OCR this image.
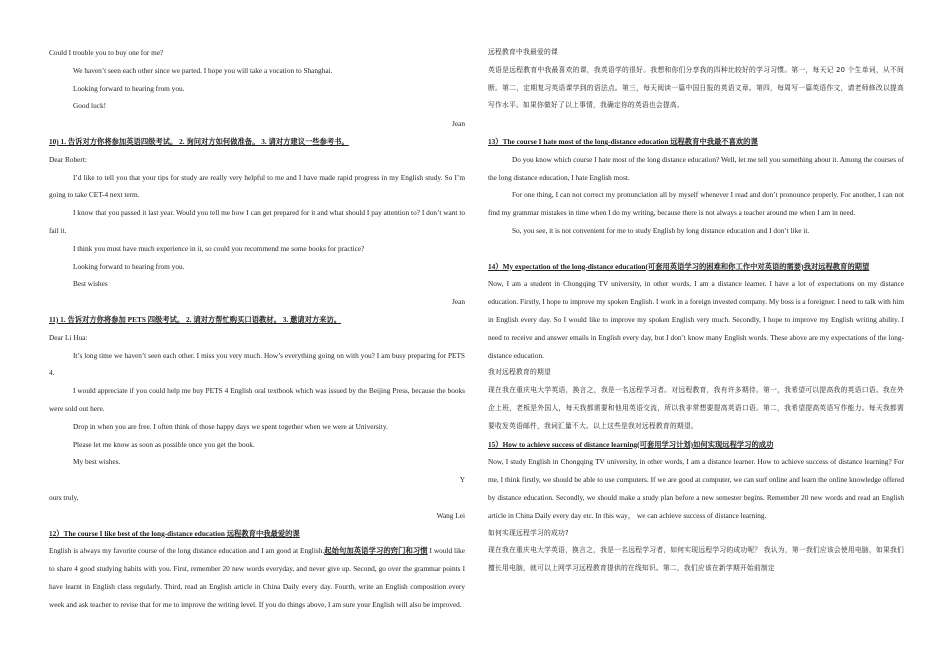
Could I trouble you to buy one for me?

We haven’t seen each other since we parted. I hope you will take a vocation to Shanghai.

Looking forward to hearing from you.

Good luck!

Jean

10) 1. 告诉对方你将参加英语四级考试。 2. 询问对方如何做准备。 3. 请对方建议一些参考书。

Dear Robert:

I’d like to tell you that your tips for study are really very helpful to me and I have made rapid progress in my English study. So I’m going to take CET-4 next term.

I know that you passed it last year. Would you tell me how I can get prepared for it and what should I pay attention to? I don’t want to fail it.

I think you must have much experience in it, so could you recommend me some books for practice?

Looking forward to hearing from you.

Best wishes

Jean

11) 1. 告诉对方你将参加 PETS 四级考试。 2. 请对方帮忙购买口语教材。 3. 邀请对方来访。

Dear Li Hua:

It’s long time we haven’t seen each other. I miss you very much. How’s everything going on with you? I am busy preparing for PETS 4.

I would appreciate if you could help me buy PETS 4 English oral textbook which was issued by the Beijing Press, because the books were sold out here.

Drop in when you are free. I often think of those happy days we spent together when we were at University.

Please let me know as soon as possible once you get the book.

My best wishes.

Y

ours truly,

Wang Lei

12）The course I like best of the long-distance education 远程教育中我最爱的课

English is always my favorite course of the long distance education and I am good at English.起始句加英语学习的窍门和习惯 I would like to share 4 good studying habits with you. First, remember 20 new words everyday, and never give up. Second, go over the grammar points I have learnt in English class regularly. Third, read an English article in China Daily every day. Fourth, write an English composition every week and ask teacher to revise that for me to improve the writing level. If you do things above, I am sure your English will also be improved.

远程教育中我最爱的课

英语是远程教育中我最喜欢的课，我英语学的很好。我想和你们分享我的四种比较好的学习习惯。第一，每天记 20 个生单词，从不间断。第二，定期复习英语课学到的语法点。第三，每天阅读一篇中国日报的英语文章。第四，每周写一篇英语作文，请老师修改以提高写作水平。如果你做好了以上事情，我确定你的英语也会提高。

13）The course I hate most of the long-distance education 远程教育中我最不喜欢的课

Do you know which course I hate most of the long distance education? Well, let me tell you something about it. Among the courses of the long distance education, I hate English most.

For one thing, I can not correct my pronunciation all by myself whenever I read and don’t pronounce properly. For another, I can not find my grammar mistakes in time when I do my writing, because there is not always a teacher around me when I am in need.

So, you see, it is not convenient for me to study English by long distance education and I don’t like it.

14）My expectation of the long-distance education(可套用英语学习的困难和你工作中对英语的需要)我对远程教育的期望

Now, I am a student in Chongqing TV university, in other words, I am a distance learner. I have a lot of expectations on my distance education. Firstly, I hope to improve my spoken English. I work in a foreign invested company. My boss is a foreigner. I need to talk with him in English every day. So I would like to improve my spoken English very much. Secondly, I hope to improve my English writing ability. I need to receive and answer emails in English every day, but I don’t know many English words. These above are my expectations of the long-distance education.

我对远程教育的期望

现在我在重庆电大学英语，换言之，我是一名远程学习者。对远程教育，我有许多期待。第一，我希望可以提高我的英语口语。我在外企上班，老板是外国人，每天我都需要和他用英语交流，所以我非常想要提高英语口语。第二，我希望提高英语写作能力。每天我都需要收发英语邮件，我词汇量不大。以上这些是我对远程教育的期望。

15）How to achieve success of distance learning(可套用学习计划)如何实现远程学习的成功

Now, I study English in Chongqing TV university, in other words, I am a distance learner. How to achieve success of distance learning? For me, I think firstly, we should be able to use computers. If we are good at computer, we can surf online and learn the online knowledge offered by distance education. Secondly, we should make a study plan before a new semester begins. Remember 20 new words and read an English article in China Daily every day etc. In this way， we can achieve success of distance learning.

如何实现远程学习的成功?

现在我在重庆电大学英语，换言之，我是一名远程学习者，如何实现远程学习的成功呢？ 我认为，第一我们应该会使用电脑，如果我们擅长用电脑，就可以上网学习远程教育提供的在线知识。第二，我们应该在新学期开始前制定
